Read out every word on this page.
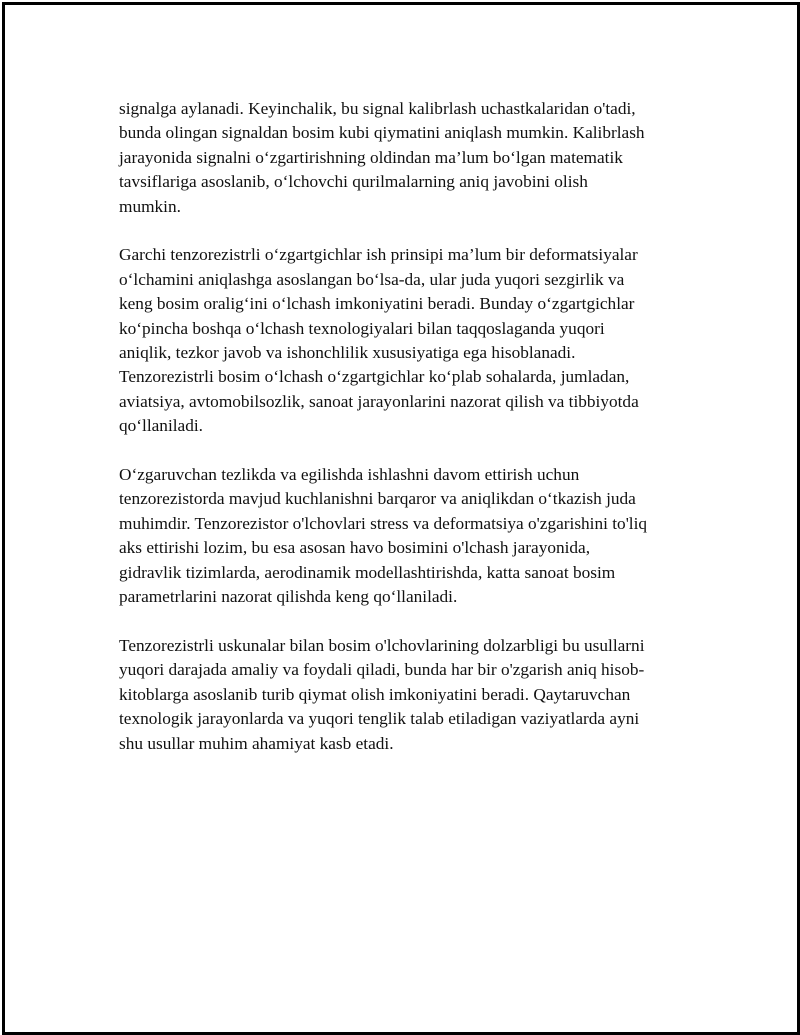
signalga aylanadi. Keyinchalik, bu signal kalibrlash uchastkalaridan o'tadi,
bunda olingan signaldan bosim kubi qiymatini aniqlash mumkin. Kalibrlash
jarayonida signalni o‘zgartirishning oldindan ma’lum bo‘lgan matematik
tavsiflariga asoslanib, o‘lchovchi qurilmalarning aniq javobini olish
mumkin.

Garchi tenzorezistrli o‘zgartgichlar ish prinsipi ma’lum bir deformatsiyalar
o‘lchamini aniqlashga asoslangan bo‘lsa-da, ular juda yuqori sezgirlik va
keng bosim oralig‘ini o‘lchash imkoniyatini beradi. Bunday o‘zgartgichlar
ko‘pincha boshqa o‘lchash texnologiyalari bilan taqqoslaganda yuqori
aniqlik, tezkor javob va ishonchlilik xususiyatiga ega hisoblanadi.
Tenzorezistrli bosim o‘lchash o‘zgartgichlar ko‘plab sohalarda, jumladan,
aviatsiya, avtomobilsozlik, sanoat jarayonlarini nazorat qilish va tibbiyotda
qo‘llaniladi.

O‘zgaruvchan tezlikda va egilishda ishlashni davom ettirish uchun
tenzorezistorda mavjud kuchlanishni barqaror va aniqlikdan o‘tkazish juda
muhimdir. Tenzorezistor o'lchovlari stress va deformatsiya o'zgarishini to'liq
aks ettirishi lozim, bu esa asosan havo bosimini o'lchash jarayonida,
gidravlik tizimlarda, aerodinamik modellashtirishda, katta sanoat bosim
parametrlarini nazorat qilishda keng qo‘llaniladi.

Tenzorezistrli uskunalar bilan bosim o'lchovlarining dolzarbligi bu usullarni
yuqori darajada amaliy va foydali qiladi, bunda har bir o'zgarish aniq hisob-
kitoblarga asoslanib turib qiymat olish imkoniyatini beradi. Qaytaruvchan
texnologik jarayonlarda va yuqori tenglik talab etiladigan vaziyatlarda ayni
shu usullar muhim ahamiyat kasb etadi.
